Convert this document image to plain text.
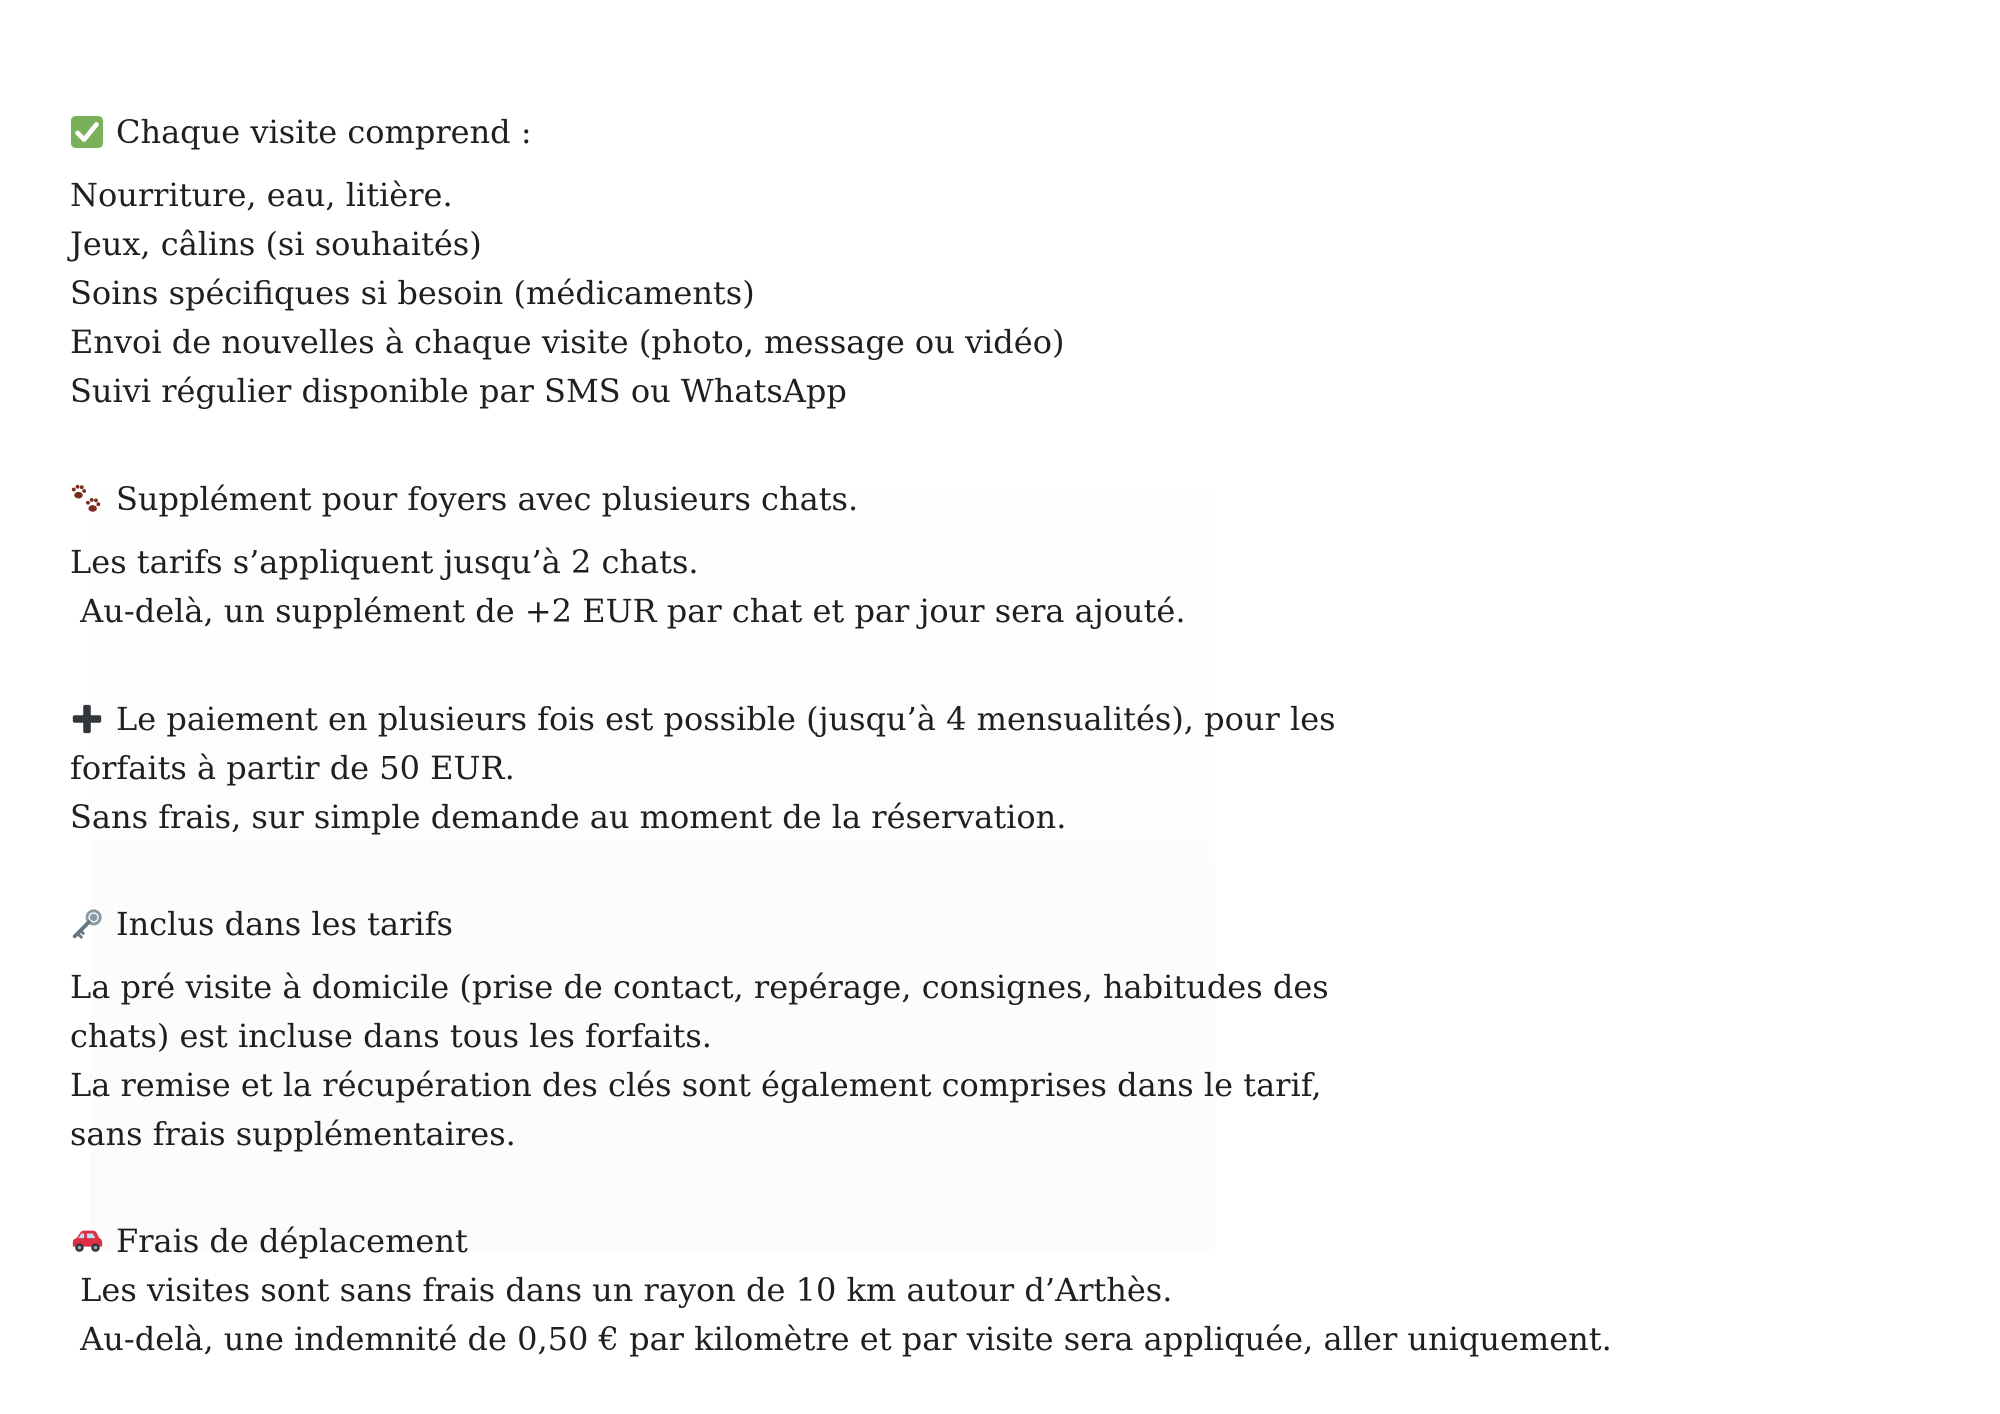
Chaque visite comprend :
Nourriture, eau, litière.
Jeux, câlins (si souhaités)
Soins spécifiques si besoin (médicaments)
Envoi de nouvelles à chaque visite (photo, message ou vidéo)
Suivi régulier disponible par SMS ou WhatsApp
Supplément pour foyers avec plusieurs chats.
Les tarifs s’appliquent jusqu’à 2 chats.
Au-delà, un supplément de +2 EUR par chat et par jour sera ajouté.
Le paiement en plusieurs fois est possible (jusqu’à 4 mensualités), pour les
forfaits à partir de 50 EUR.
Sans frais, sur simple demande au moment de la réservation.
Inclus dans les tarifs
La pré visite à domicile (prise de contact, repérage, consignes, habitudes des
chats) est incluse dans tous les forfaits.
La remise et la récupération des clés sont également comprises dans le tarif,
sans frais supplémentaires.
Frais de déplacement
Les visites sont sans frais dans un rayon de 10 km autour d’Arthès.
Au-delà, une indemnité de 0,50 € par kilomètre et par visite sera appliquée, aller uniquement.
